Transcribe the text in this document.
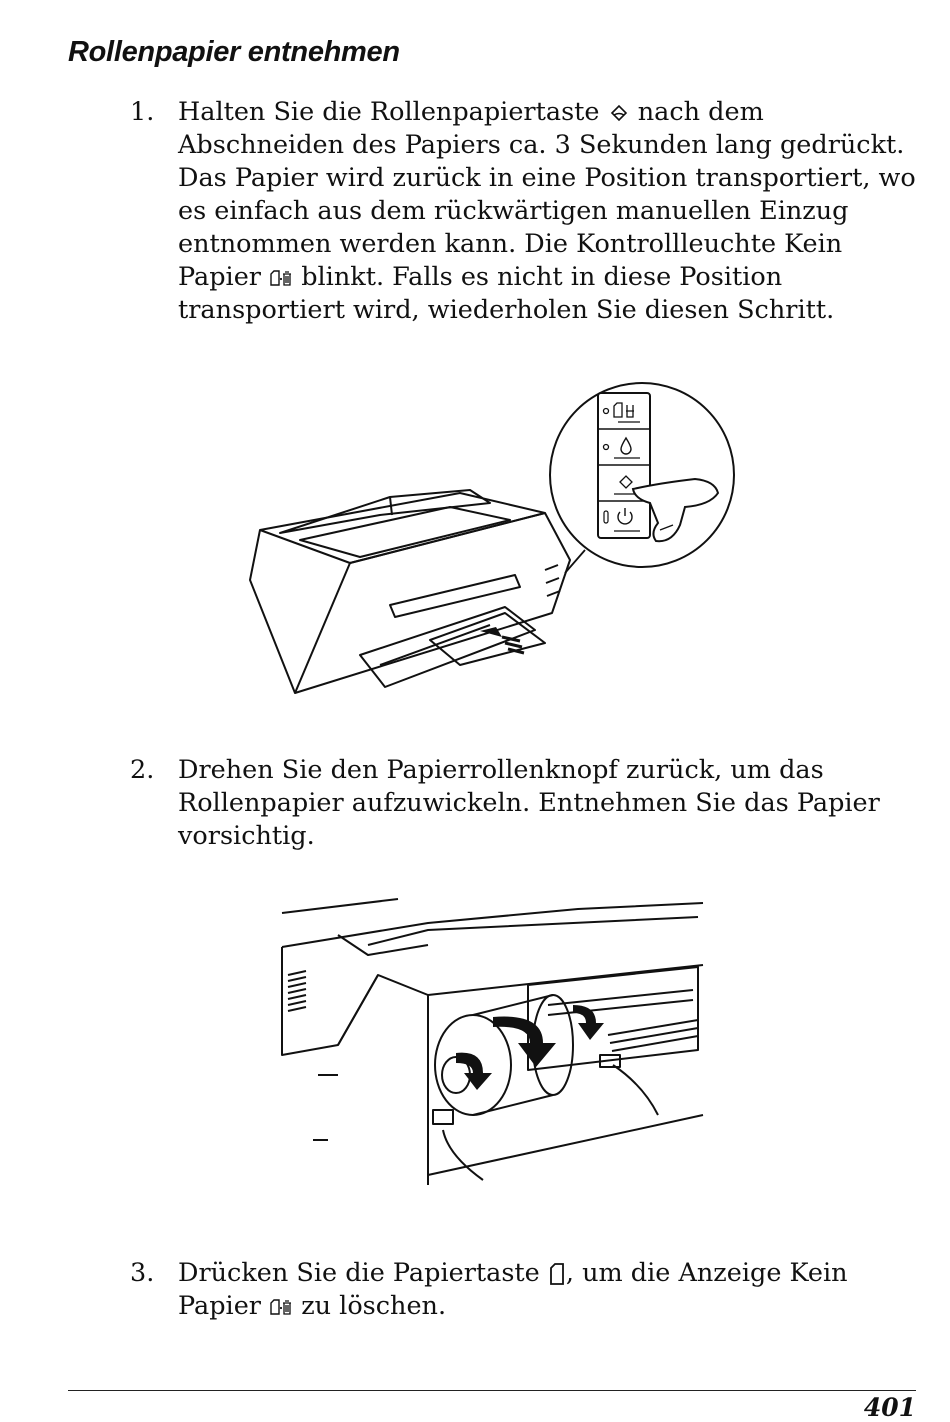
Rollenpapier entnehmen
1. Halten Sie die Rollenpapiertaste nach dem Abschneiden des Papiers ca. 3 Sekunden lang gedrückt. Das Papier wird zurück in eine Position transportiert, wo es einfach aus dem rückwärtigen manuellen Einzug entnommen werden kann. Die Kontrollleuchte Kein Papier blinkt. Falls es nicht in diese Position transportiert wird, wiederholen Sie diesen Schritt.
2. Drehen Sie den Papierrollenknopf zurück, um das Rollenpapier aufzuwickeln. Entnehmen Sie das Papier vorsichtig.
3. Drücken Sie die Papiertaste , um die Anzeige Kein Papier zu löschen.
401
